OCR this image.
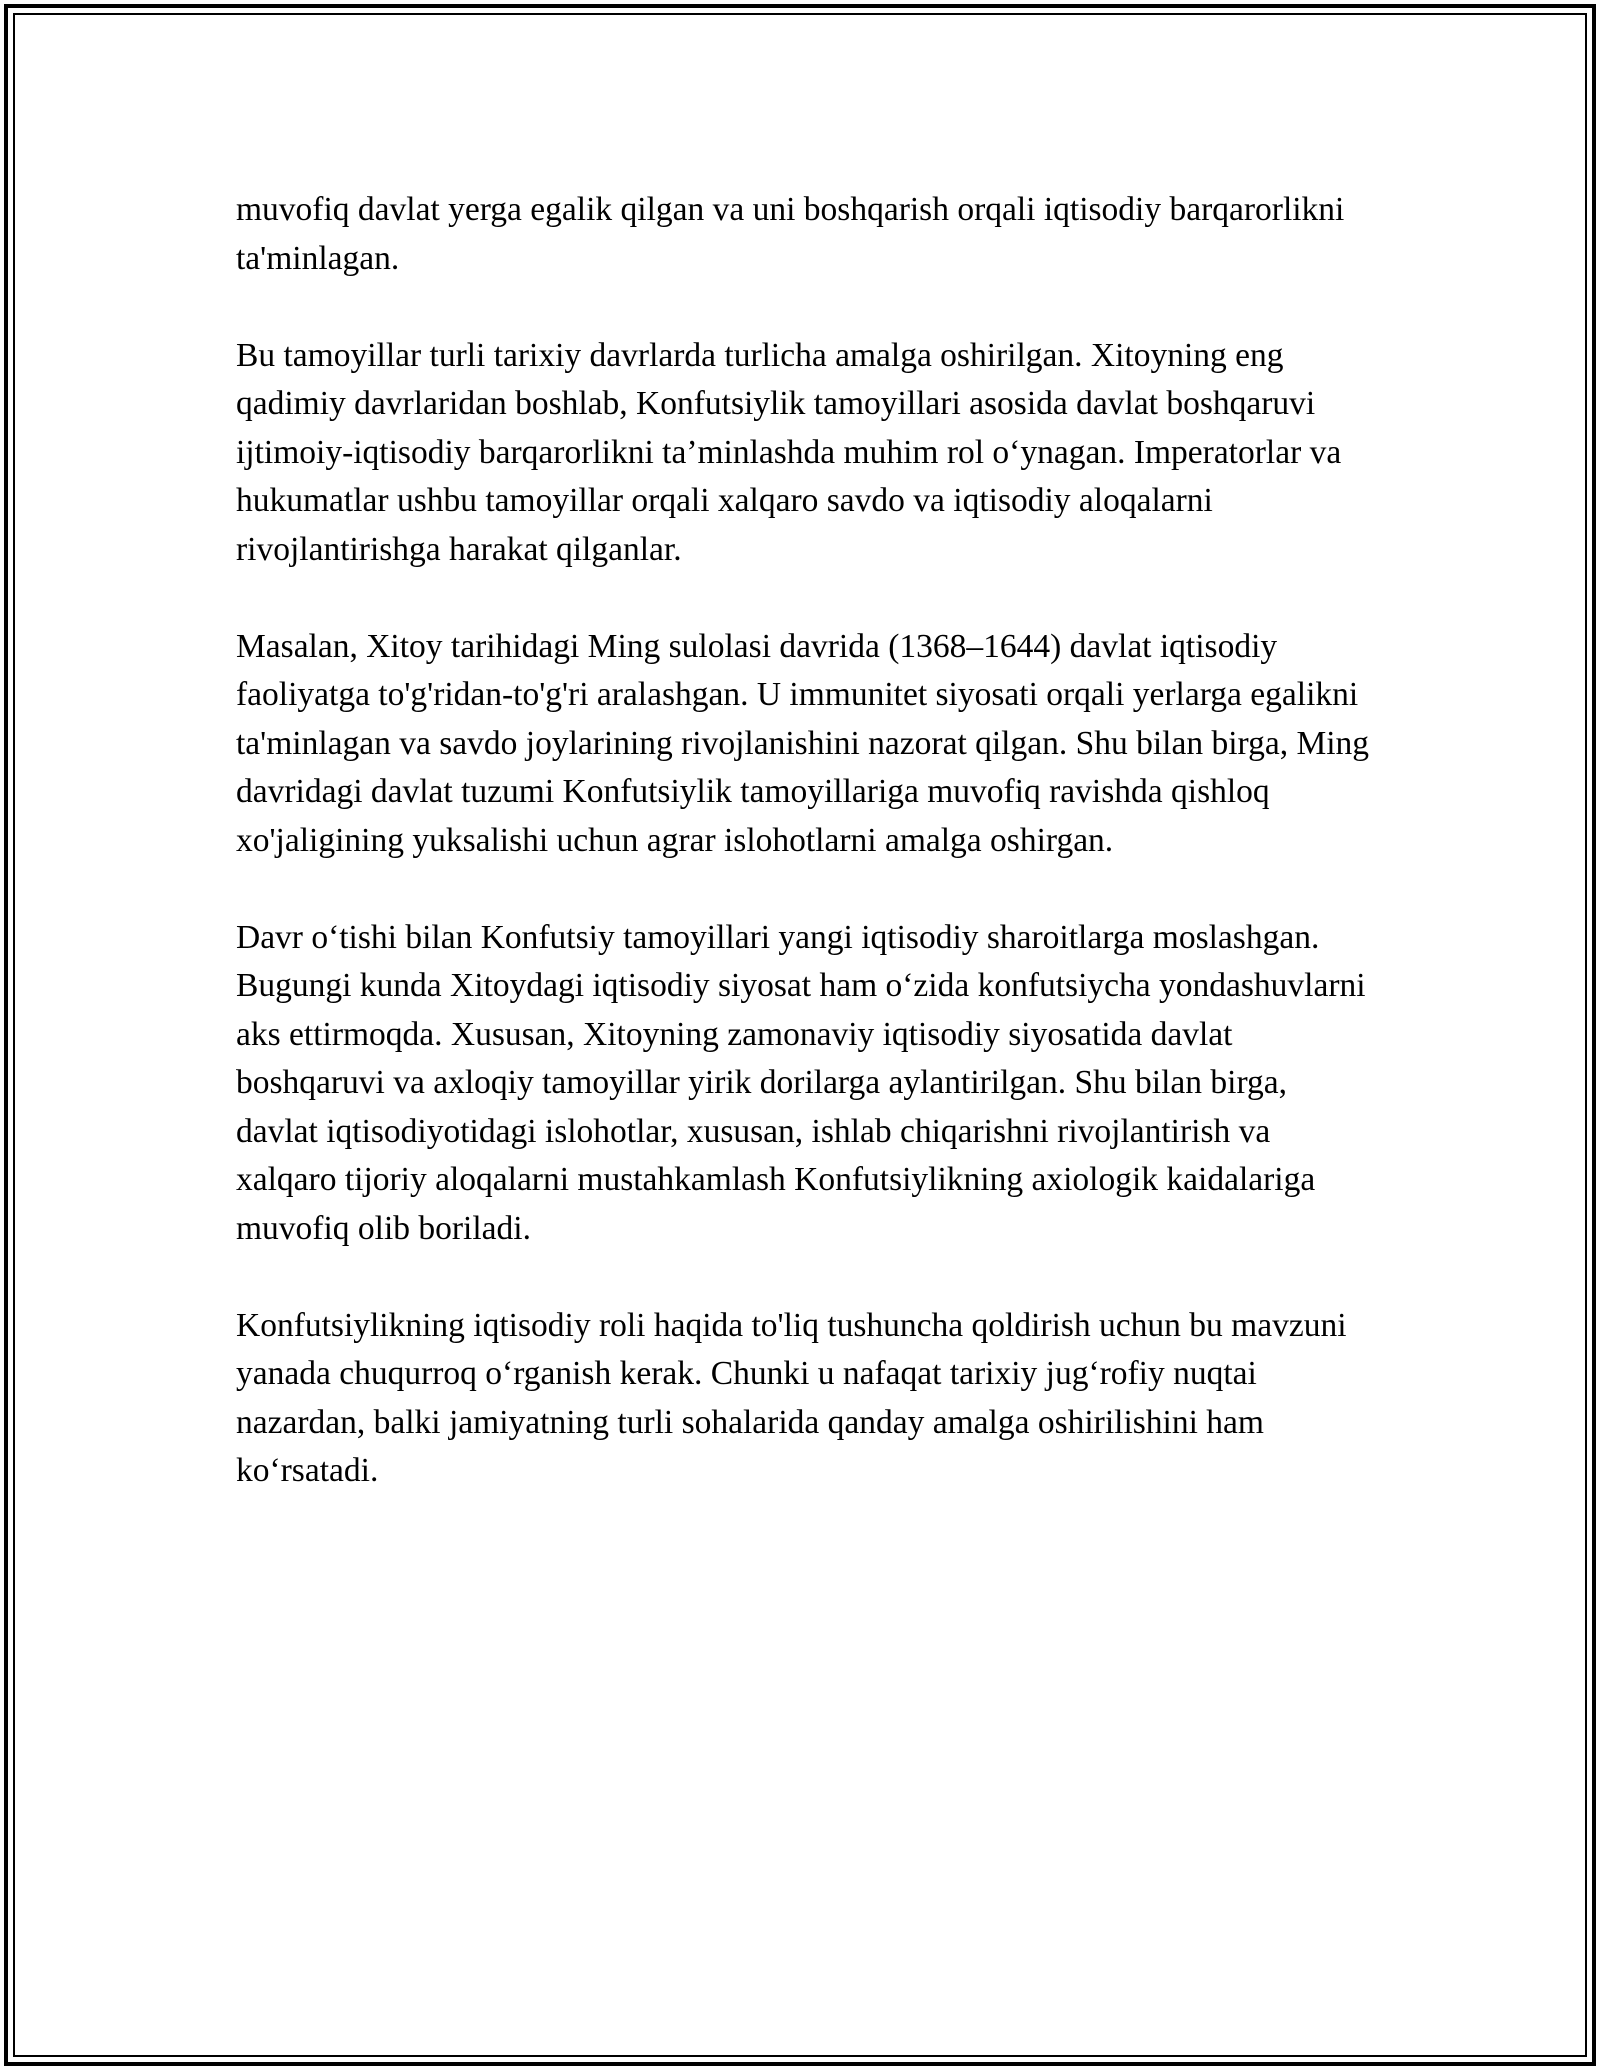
muvofiq davlat yerga egalik qilgan va uni boshqarish orqali iqtisodiy barqarorlikni ta'minlagan.

Bu tamoyillar turli tarixiy davrlarda turlicha amalga oshirilgan. Xitoyning eng qadimiy davrlaridan boshlab, Konfutsiylik tamoyillari asosida davlat boshqaruvi ijtimoiy-iqtisodiy barqarorlikni ta’minlashda muhim rol o‘ynagan. Imperatorlar va hukumatlar ushbu tamoyillar orqali xalqaro savdo va iqtisodiy aloqalarni rivojlantirishga harakat qilganlar.

Masalan, Xitoy tarihidagi Ming sulolasi davrida (1368–1644) davlat iqtisodiy faoliyatga to'g'ridan-to'g'ri aralashgan. U immunitet siyosati orqali yerlarga egalikni ta'minlagan va savdo joylarining rivojlanishini nazorat qilgan. Shu bilan birga, Ming davridagi davlat tuzumi Konfutsiylik tamoyillariga muvofiq ravishda qishloq xo'jaligining yuksalishi uchun agrar islohotlarni amalga oshirgan.

Davr o‘tishi bilan Konfutsiy tamoyillari yangi iqtisodiy sharoitlarga moslashgan. Bugungi kunda Xitoydagi iqtisodiy siyosat ham o‘zida konfutsiycha yondashuvlarni aks ettirmoqda. Xususan, Xitoyning zamonaviy iqtisodiy siyosatida davlat boshqaruvi va axloqiy tamoyillar yirik dorilarga aylantirilgan. Shu bilan birga, davlat iqtisodiyotidagi islohotlar, xususan, ishlab chiqarishni rivojlantirish va xalqaro tijoriy aloqalarni mustahkamlash Konfutsiylikning axiologik kaidalariga muvofiq olib boriladi.

Konfutsiylikning iqtisodiy roli haqida to'liq tushuncha qoldirish uchun bu mavzuni yanada chuqurroq o‘rganish kerak. Chunki u nafaqat tarixiy jug‘rofiy nuqtai nazardan, balki jamiyatning turli sohalarida qanday amalga oshirilishini ham ko‘rsatadi.
